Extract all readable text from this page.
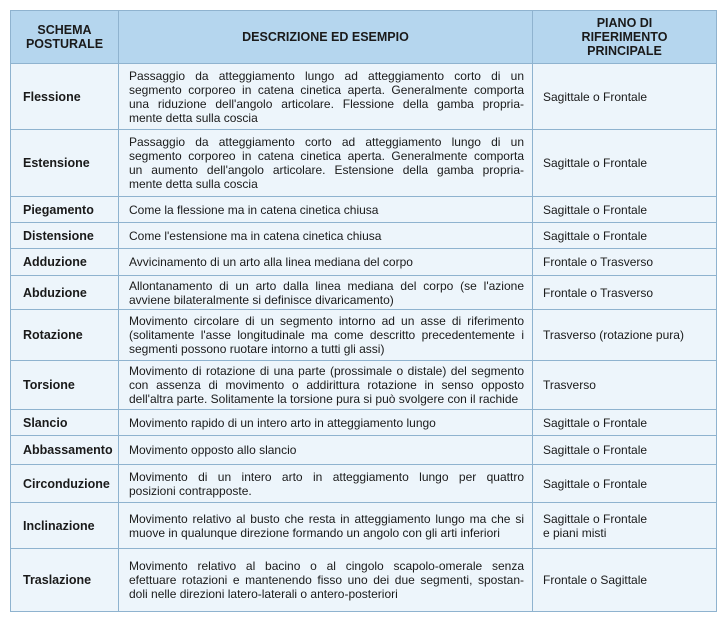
SCHEMA
POSTURALE	DESCRIZIONE ED ESEMPIO	PIANO DI
RIFERIMENTO
PRINCIPALE

Flessione	Passaggio da atteggiamento lungo ad atteggiamento corto di un
segmento corporeo in catena cinetica aperta. Generalmente comporta
una riduzione dell'angolo articolare. Flessione della gamba propria-
mente detta sulla coscia	Sagittale o Frontale

Estensione	Passaggio da atteggiamento corto ad atteggiamento lungo di un
segmento corporeo in catena cinetica aperta. Generalmente comporta
un aumento dell'angolo articolare. Estensione della gamba propria-
mente detta sulla coscia	Sagittale o Frontale

Piegamento	Come la flessione ma in catena cinetica chiusa	Sagittale o Frontale

Distensione	Come l'estensione ma in catena cinetica chiusa	Sagittale o Frontale

Adduzione	Avvicinamento di un arto alla linea mediana del corpo	Frontale o Trasverso

Abduzione	Allontanamento di un arto dalla linea mediana del corpo (se l'azione
avviene bilateralmente si definisce divaricamento)	Frontale o Trasverso

Rotazione	Movimento circolare di un segmento intorno ad un asse di riferimento
(solitamente l'asse longitudinale ma come descritto precedentemente i
segmenti possono ruotare intorno a tutti gli assi)	Trasverso (rotazione pura)

Torsione	Movimento di rotazione di una parte (prossimale o distale) del segmento
con assenza di movimento o addirittura rotazione in senso opposto
dell'altra parte. Solitamente la torsione pura si può svolgere con il rachide	Trasverso

Slancio	Movimento rapido di un intero arto in atteggiamento lungo	Sagittale o Frontale

Abbassamento	Movimento opposto allo slancio	Sagittale o Frontale

Circonduzione	Movimento di un intero arto in atteggiamento lungo per quattro
posizioni contrapposte.	Sagittale o Frontale

Inclinazione	Movimento relativo al busto che resta in atteggiamento lungo ma che si
muove in qualunque direzione formando un angolo con gli arti inferiori	Sagittale o Frontale
e piani misti

Traslazione	Movimento relativo al bacino o al cingolo scapolo-omerale senza
efettuare rotazioni e mantenendo fisso uno dei due segmenti, spostan-
doli nelle direzioni latero-laterali o antero-posteriori	Frontale o Sagittale
